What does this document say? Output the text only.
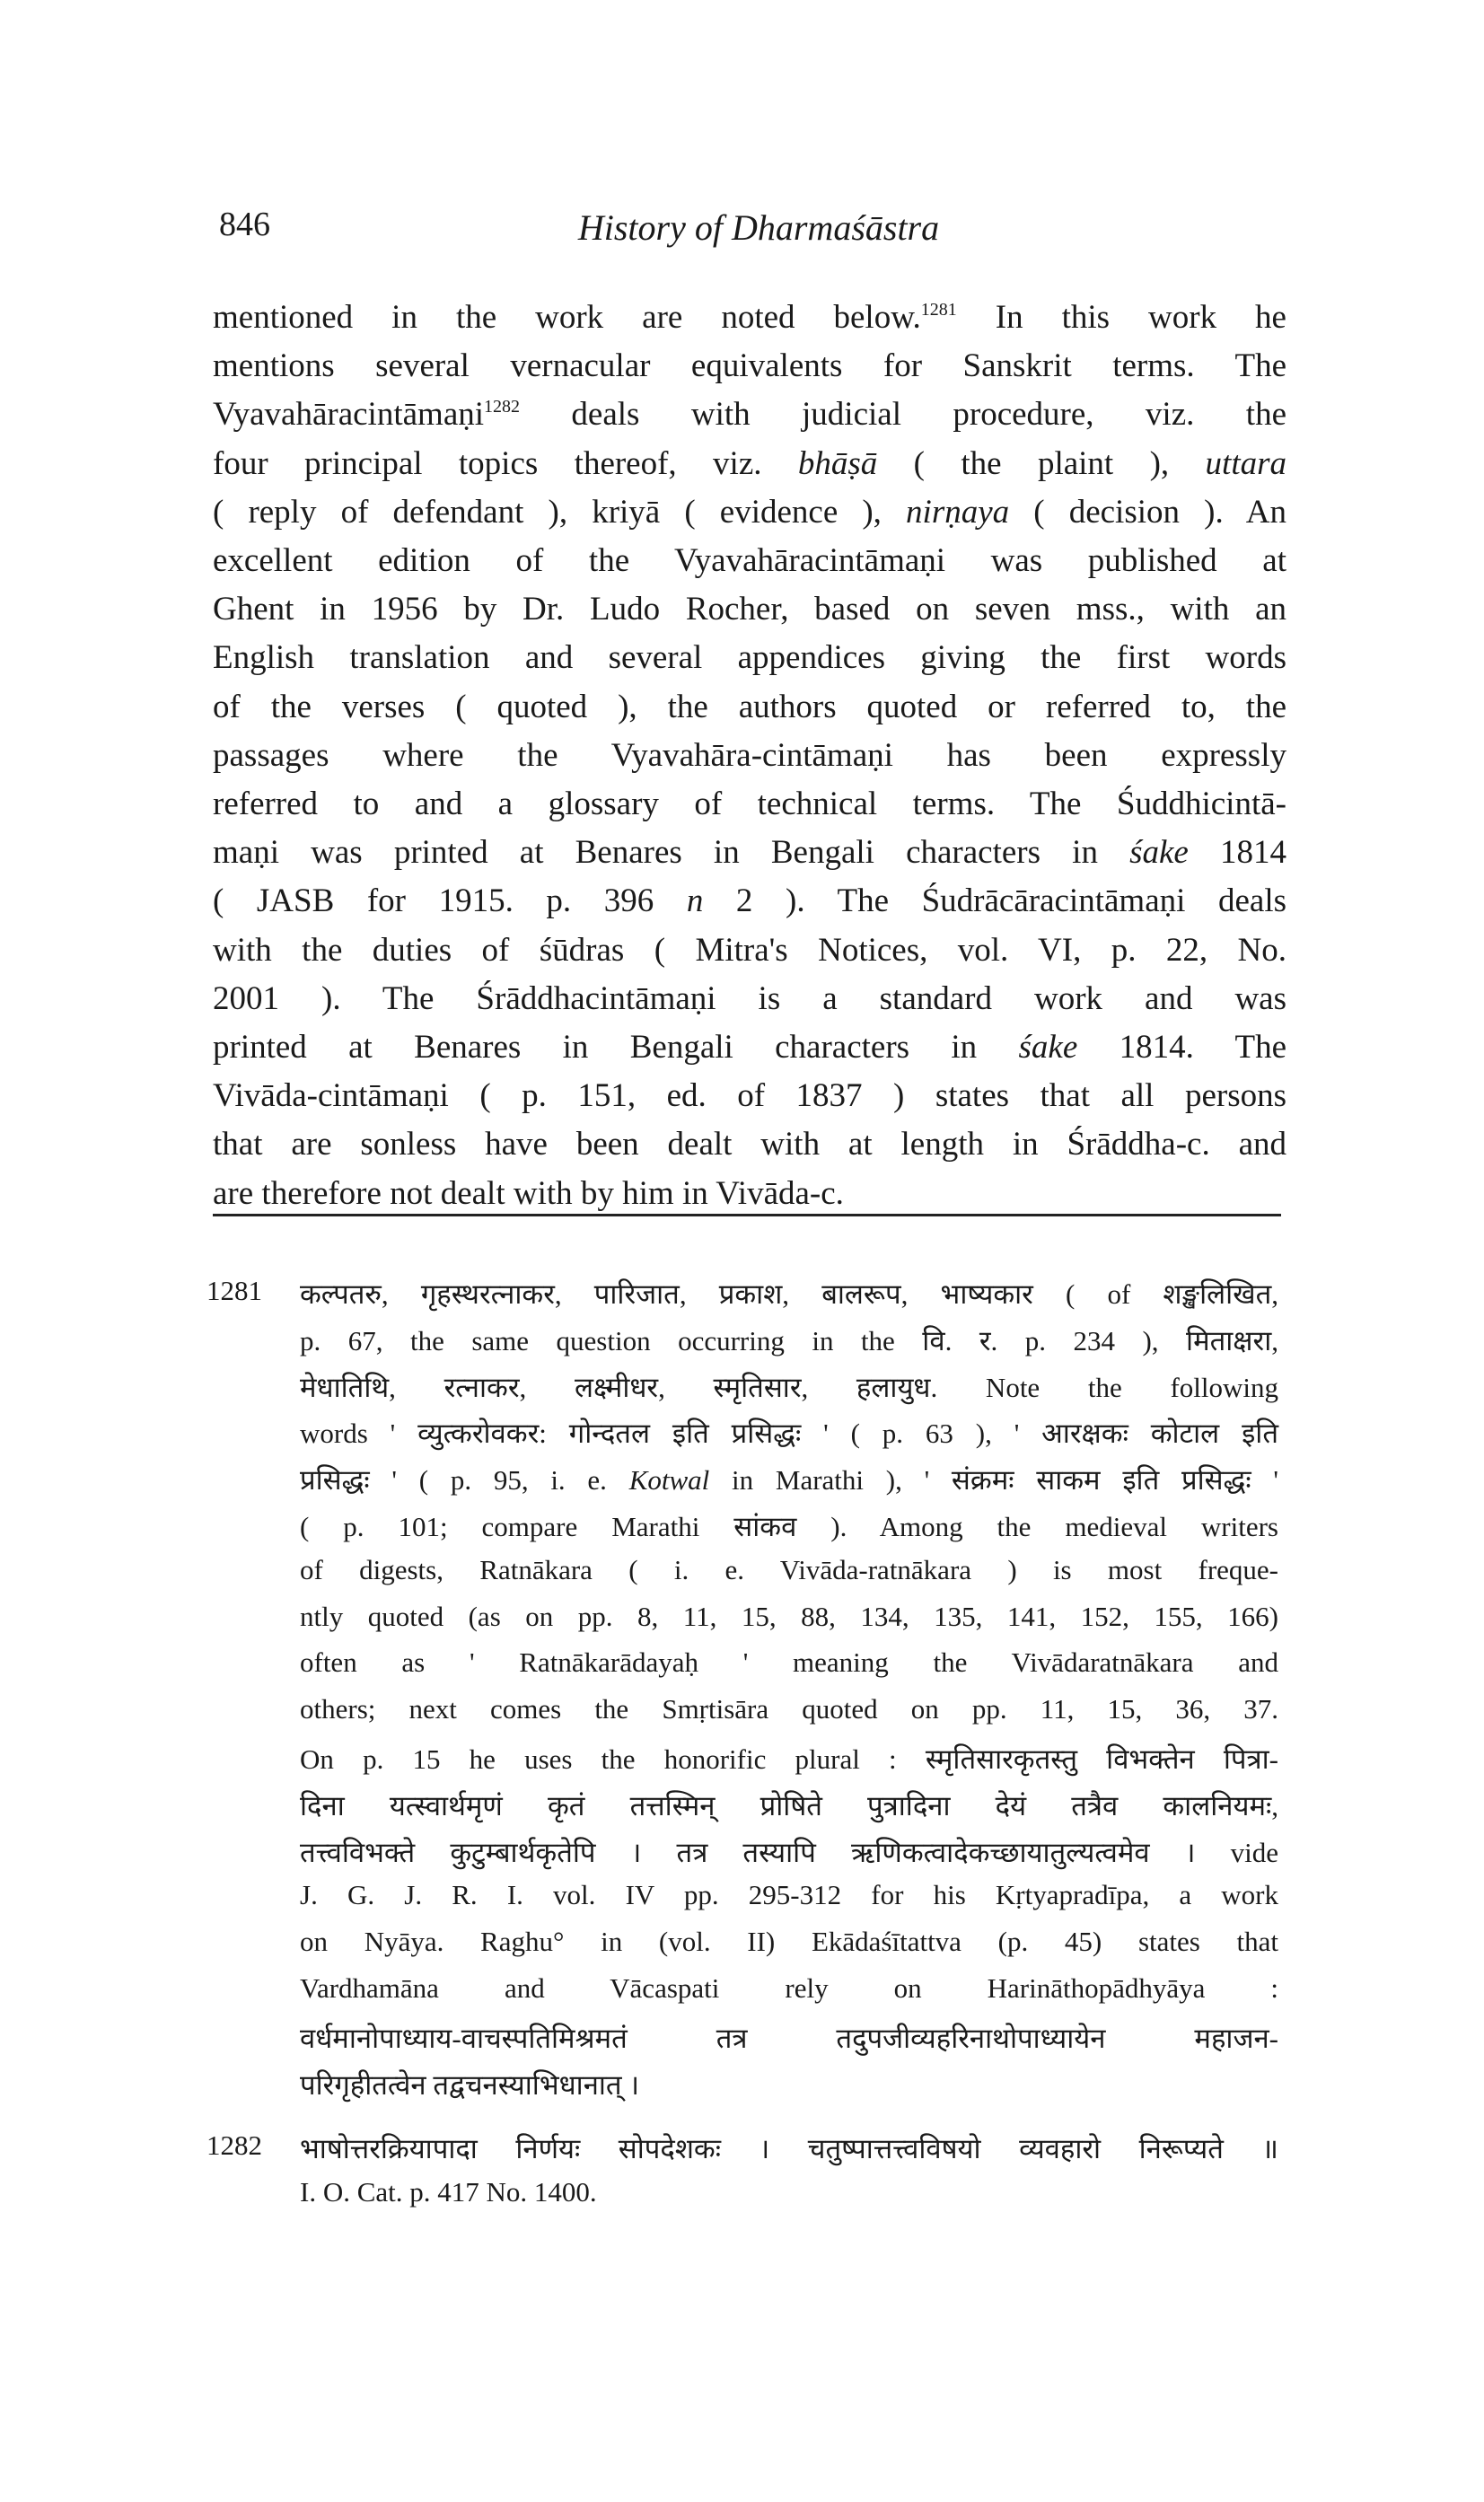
846	History of Dharmaśāstra
mentioned in the work are noted below.$^{1281}$ In this work he
mentions several vernacular equivalents for Sanskrit terms. The
Vyavahāracintāmaṇi$^{1282}$ deals with judicial procedure, viz. the
four principal topics thereof, viz. bhāṣā ( the plaint ), uttara
( reply of defendant ), kriyā ( evidence ), nirṇaya ( decision ). An
excellent edition of the Vyavahāracintāmaṇi was published at
Ghent in 1956 by Dr. Ludo Rocher, based on seven mss., with an
English translation and several appendices giving the first words
of the verses ( quoted ), the authors quoted or referred to, the
passages where the Vyavahāra-cintāmaṇi has been expressly
referred to and a glossary of technical terms. The Śuddhicintā-
maṇi was printed at Benares in Bengali characters in śake 1814
( JASB for 1915. p. 396 n 2 ). The Śudrācāracintāmaṇi deals
with the duties of śūdras ( Mitra's Notices, vol. VI, p. 22, No.
2001 ). The Śrāddhacintāmaṇi is a standard work and was
printed at Benares in Bengali characters in śake 1814. The
Vivāda-cintāmaṇi ( p. 151, ed. of 1837 ) states that all persons
that are sonless have been dealt with at length in Śrāddha-c. and
are therefore not dealt with by him in Vivāda-c.
1281 कल्पतरु, गृहस्थरत्नाकर, पारिजात, प्रकाश, बालरूप, भाष्यकार ( of शङ्खलिखित,
p. 67, the same question occurring in the वि. र. p. 234 ), मिताक्षरा,
मेधातिथि, रत्नाकर, लक्ष्मीधर, स्मृतिसार, हलायुध. Note the following
words ' व्युत्करोवकर: गोन्दतल इति प्रसिद्धः ' ( p. 63 ), ' आरक्षकः कोटाल इति
प्रसिद्धः ' ( p. 95, i. e. Kotwal in Marathi ), ' संक्रमः साकम इति प्रसिद्धः '
( p. 101; compare Marathi सांकव ). Among the medieval writers
of digests, Ratnākara ( i. e. Vivāda-ratnākara ) is most freque-
ntly quoted (as on pp. 8, 11, 15, 88, 134, 135, 141, 152, 155, 166)
often as ' Ratnākarādayaḥ ' meaning the Vivādaratnākara and
others; next comes the Smṛtisāra quoted on pp. 11, 15, 36, 37.
On p. 15 he uses the honorific plural : स्मृतिसारकृतस्तु विभक्तेन पित्रा-
दिना यत्स्वार्थमृणं कृतं तत्तस्मिन् प्रोषिते पुत्रादिना देयं तत्रैव कालनियमः,
तत्त्वविभक्ते कुटुम्बार्थकृतेपि । तत्र तस्यापि ऋणिकत्वादेकच्छायातुल्यत्वमेव । vide
J. G. J. R. I. vol. IV pp. 295-312 for his Kṛtyapradīpa, a work
on Nyāya. Raghu° in (vol. II) Ekādaśītattva (p. 45) states that
Vardhamāna and Vācaspati rely on Harināthopādhyāya :
वर्धमानोपाध्याय-वाचस्पतिमिश्रमतं तत्र तदुपजीव्यहरिनाथोपाध्यायेन महाजन-
परिगृहीतत्वेन तद्वचनस्याभिधानात् ।
1282 भाषोत्तरक्रियापादा निर्णयः सोपदेशकः । चतुष्पात्तत्त्वविषयो व्यवहारो निरूप्यते ॥
I. O. Cat. p. 417 No. 1400.
